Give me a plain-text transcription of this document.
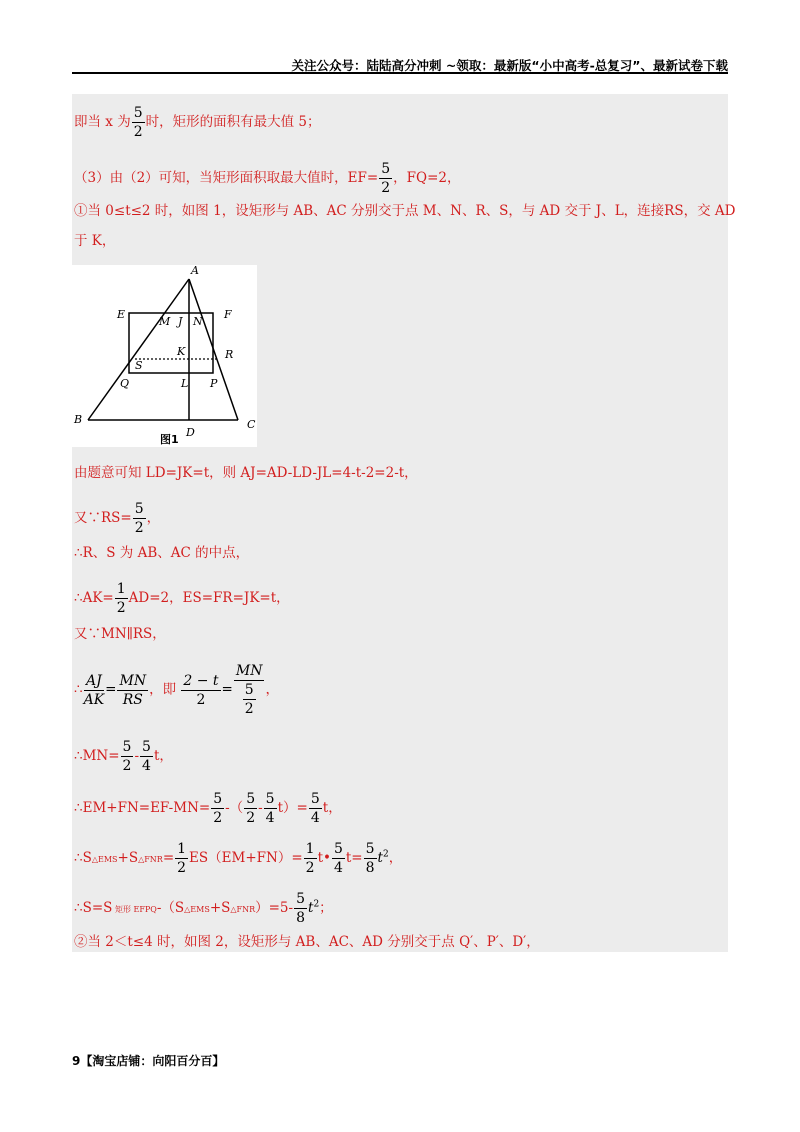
关注公众号：陆陆高分冲刺 ~领取：最新版“小中高考-总复习”、最新试卷下载
即当 x 为 $\frac{5}{2}$ 时，矩形的面积有最大值 5；
（3）由（2）可知，当矩形面积取最大值时，$EF= \frac{5}{2}$ ，FQ=2，
①当 0≤t≤2 时，如图 1，设矩形与 AB、AC 分别交于点 M、N、R、S，与 AD 交于 J、L，连接RS，交 AD
于 K，
A
B	C
D
E	F
M J N
K	R
S
Q	L P
图1
由题意可知 LD=JK=t，则 AJ=AD-LD-JL=4-t-2=2-t，
又∵RS= $\frac{5}{2}$ ，
∴R、S 为 AB、AC 的中点，
∴AK= $\frac{1}{2} AD=2$，ES=FR=JK=t，
又∵MN∥RS，
∴ $\frac{AJ}{AK} = \frac{MN}{RS}$ ，即 $\frac{2 - t}{2} = \frac{MN}{\frac{5}{2}}$ ，
∴MN= $\frac{5}{2} - \frac{5}{4}$ t，
∴EM+FN=EF-MN= $\frac{5}{2}$ -（ $\frac{5}{2} - \frac{5}{4} t)= \frac{5}{4}$ t，
∴S△EMS+S△FNR= $\frac{1}{2} ES(EM+FN)= \frac{1}{2}$ t• $\frac{5}{4} t= \frac{5}{8} t^2$，
∴S=S 矩形 EFPQ-（S△EMS+S△FNR）=5- $\frac{5}{8} t^2$；
②当 2＜t≤4 时，如图 2，设矩形与 AB、AC、AD 分别交于点 Q′、P′、D′，
9【淘宝店铺：向阳百分百】
